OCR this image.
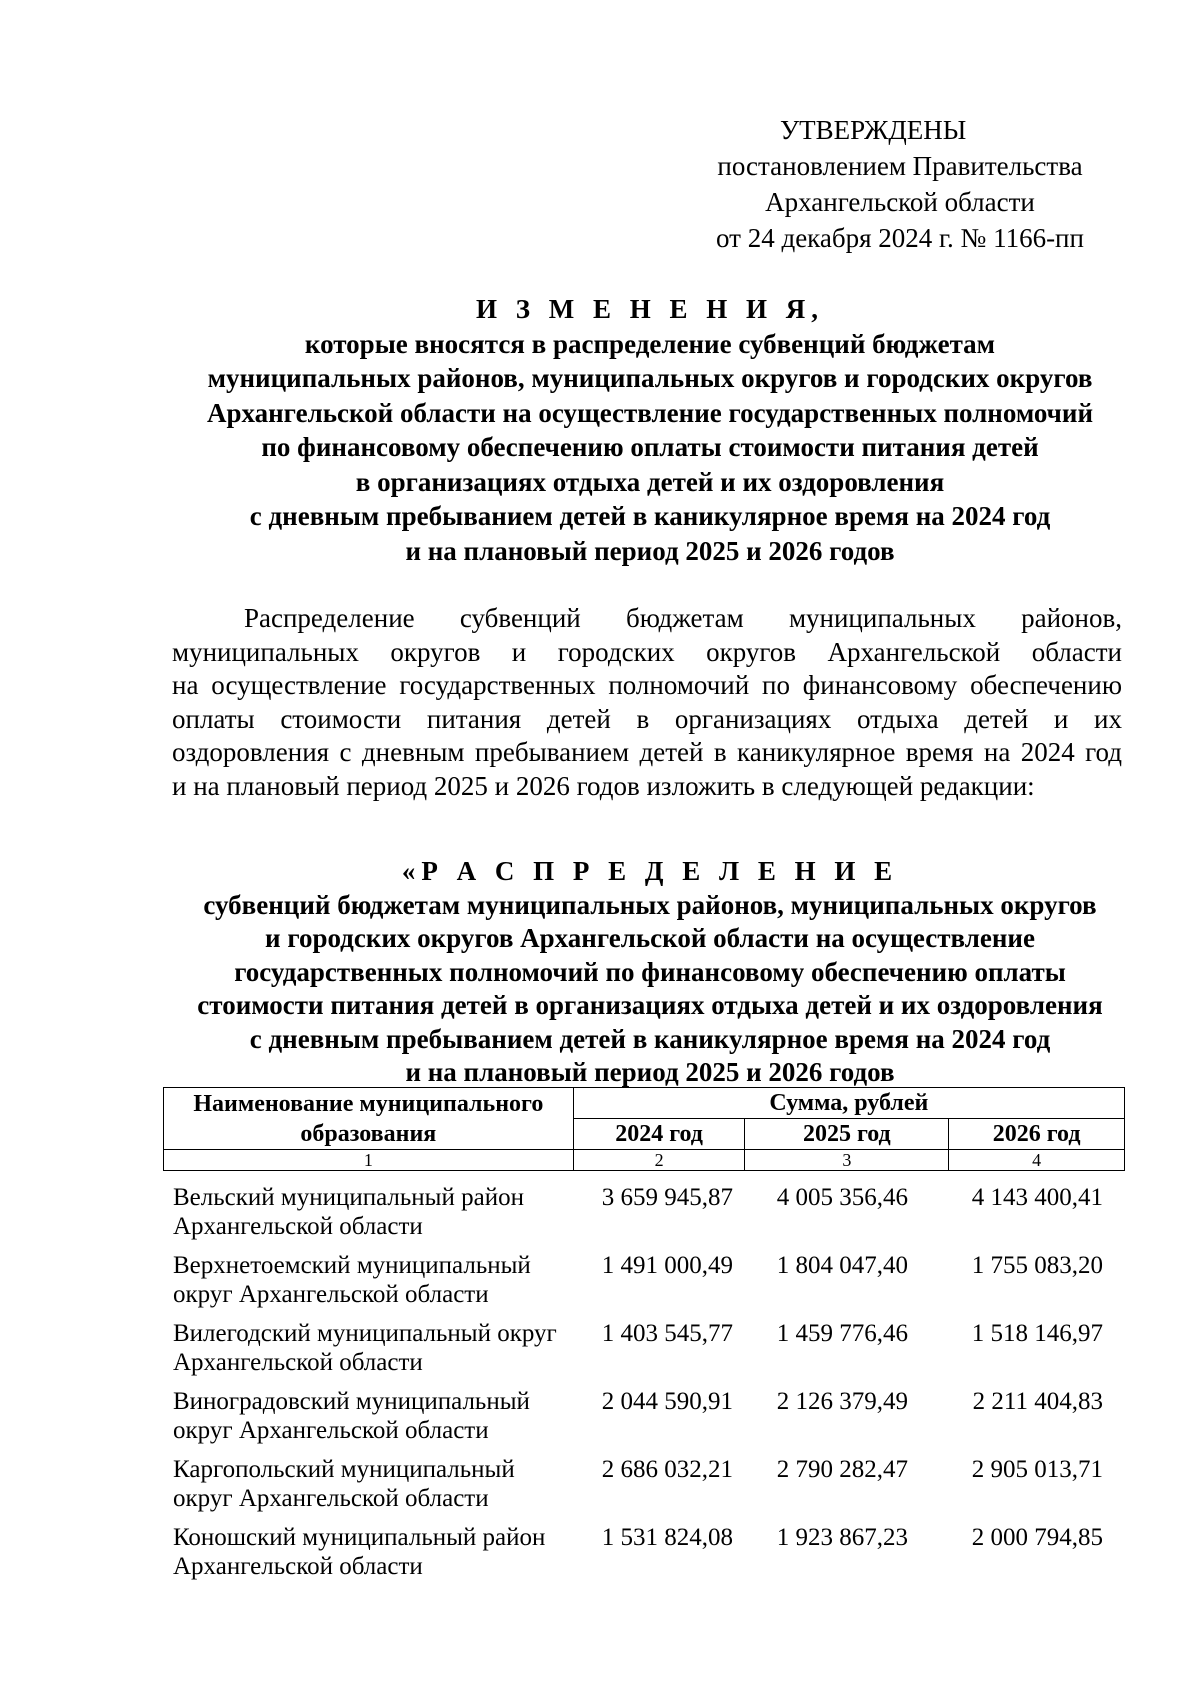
УТВЕРЖДЕНЫ
постановлением Правительства
Архангельской области
от 24 декабря 2024 г. № 1166-пп
И З М Е Н Е Н И Я,
которые вносятся в распределение субвенций бюджетам
муниципальных районов, муниципальных округов и городских округов
Архангельской области на осуществление государственных полномочий
по финансовому обеспечению оплаты стоимости питания детей
в организациях отдыха детей и их оздоровления
с дневным пребыванием детей в каникулярное время на 2024 год
и на плановый период 2025 и 2026 годов
Распределение субвенций бюджетам муниципальных районов,
муниципальных округов и городских округов Архангельской области
на осуществление государственных полномочий по финансовому обеспечению
оплаты стоимости питания детей в организациях отдыха детей и их
оздоровления с дневным пребыванием детей в каникулярное время на 2024 год
и на плановый период 2025 и 2026 годов изложить в следующей редакции:
«Р А С П Р Е Д Е Л Е Н И Е
субвенций бюджетам муниципальных районов, муниципальных округов
и городских округов Архангельской области на осуществление
государственных полномочий по финансовому обеспечению оплаты
стоимости питания детей в организациях отдыха детей и их оздоровления
с дневным пребыванием детей в каникулярное время на 2024 год
и на плановый период 2025 и 2026 годов
Наименование муниципального образования	Сумма, рублей		
	2024 год	2025 год	2026 год
1	2	3	4
Вельский муниципальный район
Архангельской области
3 659 945,87	4 005 356,46	4 143 400,41
Верхнетоемский муниципальный
округ Архангельской области
1 491 000,49	1 804 047,40	1 755 083,20
Вилегодский муниципальный округ
Архангельской области
1 403 545,77	1 459 776,46	1 518 146,97
Виноградовский муниципальный
округ Архангельской области
2 044 590,91	2 126 379,49	2 211 404,83
Каргопольский муниципальный
округ Архангельской области
2 686 032,21	2 790 282,47	2 905 013,71
Коношский муниципальный район
Архангельской области
1 531 824,08	1 923 867,23	2 000 794,85
